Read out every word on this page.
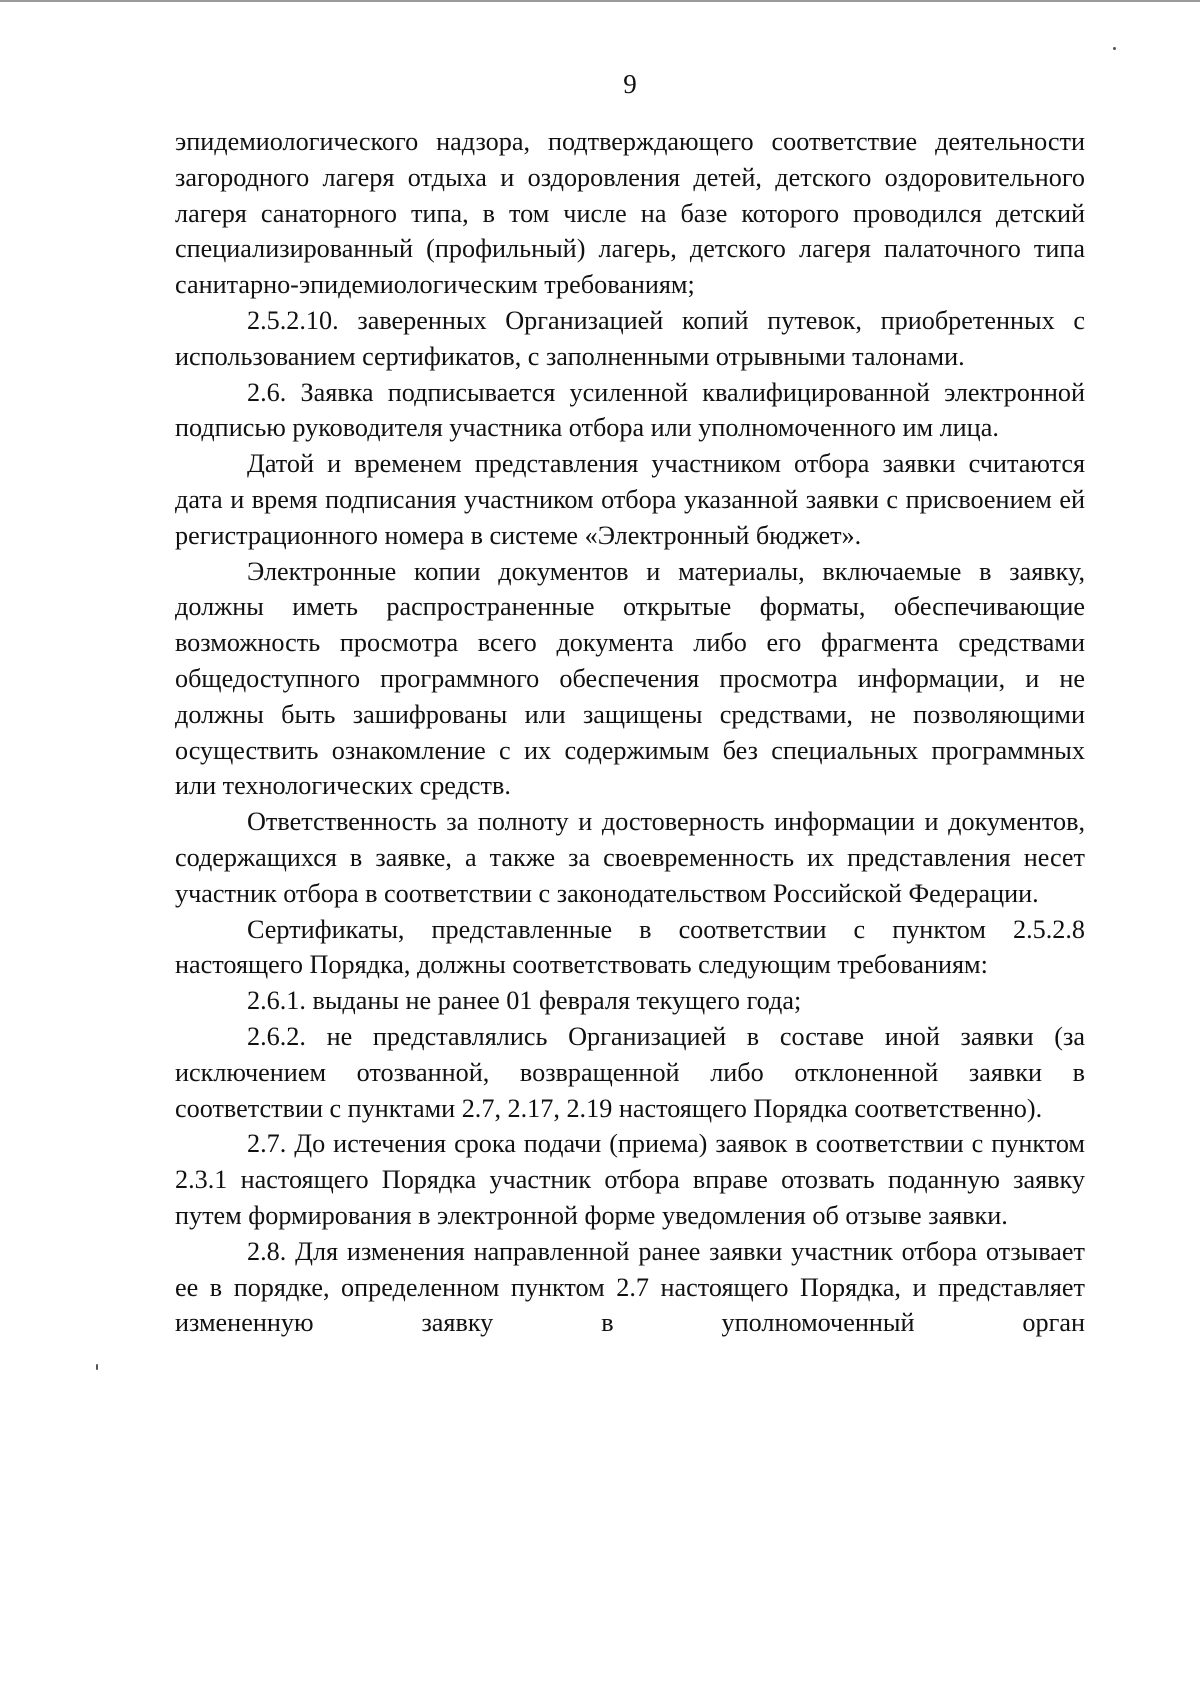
9

эпидемиологического надзора, подтверждающего соответствие деятельности загородного лагеря отдыха и оздоровления детей, детского оздоровительного лагеря санаторного типа, в том числе на базе которого проводился детский специализированный (профильный) лагерь, детского лагеря палаточного типа санитарно-эпидемиологическим требованиям;

2.5.2.10. заверенных Организацией копий путевок, приобретенных с использованием сертификатов, с заполненными отрывными талонами.

2.6. Заявка подписывается усиленной квалифицированной электронной подписью руководителя участника отбора или уполномоченного им лица.

Датой и временем представления участником отбора заявки считаются дата и время подписания участником отбора указанной заявки с присвоением ей регистрационного номера в системе «Электронный бюджет».

Электронные копии документов и материалы, включаемые в заявку, должны иметь распространенные открытые форматы, обеспечивающие возможность просмотра всего документа либо его фрагмента средствами общедоступного программного обеспечения просмотра информации, и не должны быть зашифрованы или защищены средствами, не позволяющими осуществить ознакомление с их содержимым без специальных программных или технологических средств.

Ответственность за полноту и достоверность информации и документов, содержащихся в заявке, а также за своевременность их представления несет участник отбора в соответствии с законодательством Российской Федерации.

Сертификаты, представленные в соответствии с пунктом 2.5.2.8 настоящего Порядка, должны соответствовать следующим требованиям:

2.6.1. выданы не ранее 01 февраля текущего года;

2.6.2. не представлялись Организацией в составе иной заявки (за исключением отозванной, возвращенной либо отклоненной заявки в соответствии с пунктами 2.7, 2.17, 2.19 настоящего Порядка соответственно).

2.7. До истечения срока подачи (приема) заявок в соответствии с пунктом 2.3.1 настоящего Порядка участник отбора вправе отозвать поданную заявку путем формирования в электронной форме уведомления об отзыве заявки.

2.8. Для изменения направленной ранее заявки участник отбора отзывает ее в порядке, определенном пунктом 2.7 настоящего Порядка, и представляет измененную заявку в уполномоченный орган
